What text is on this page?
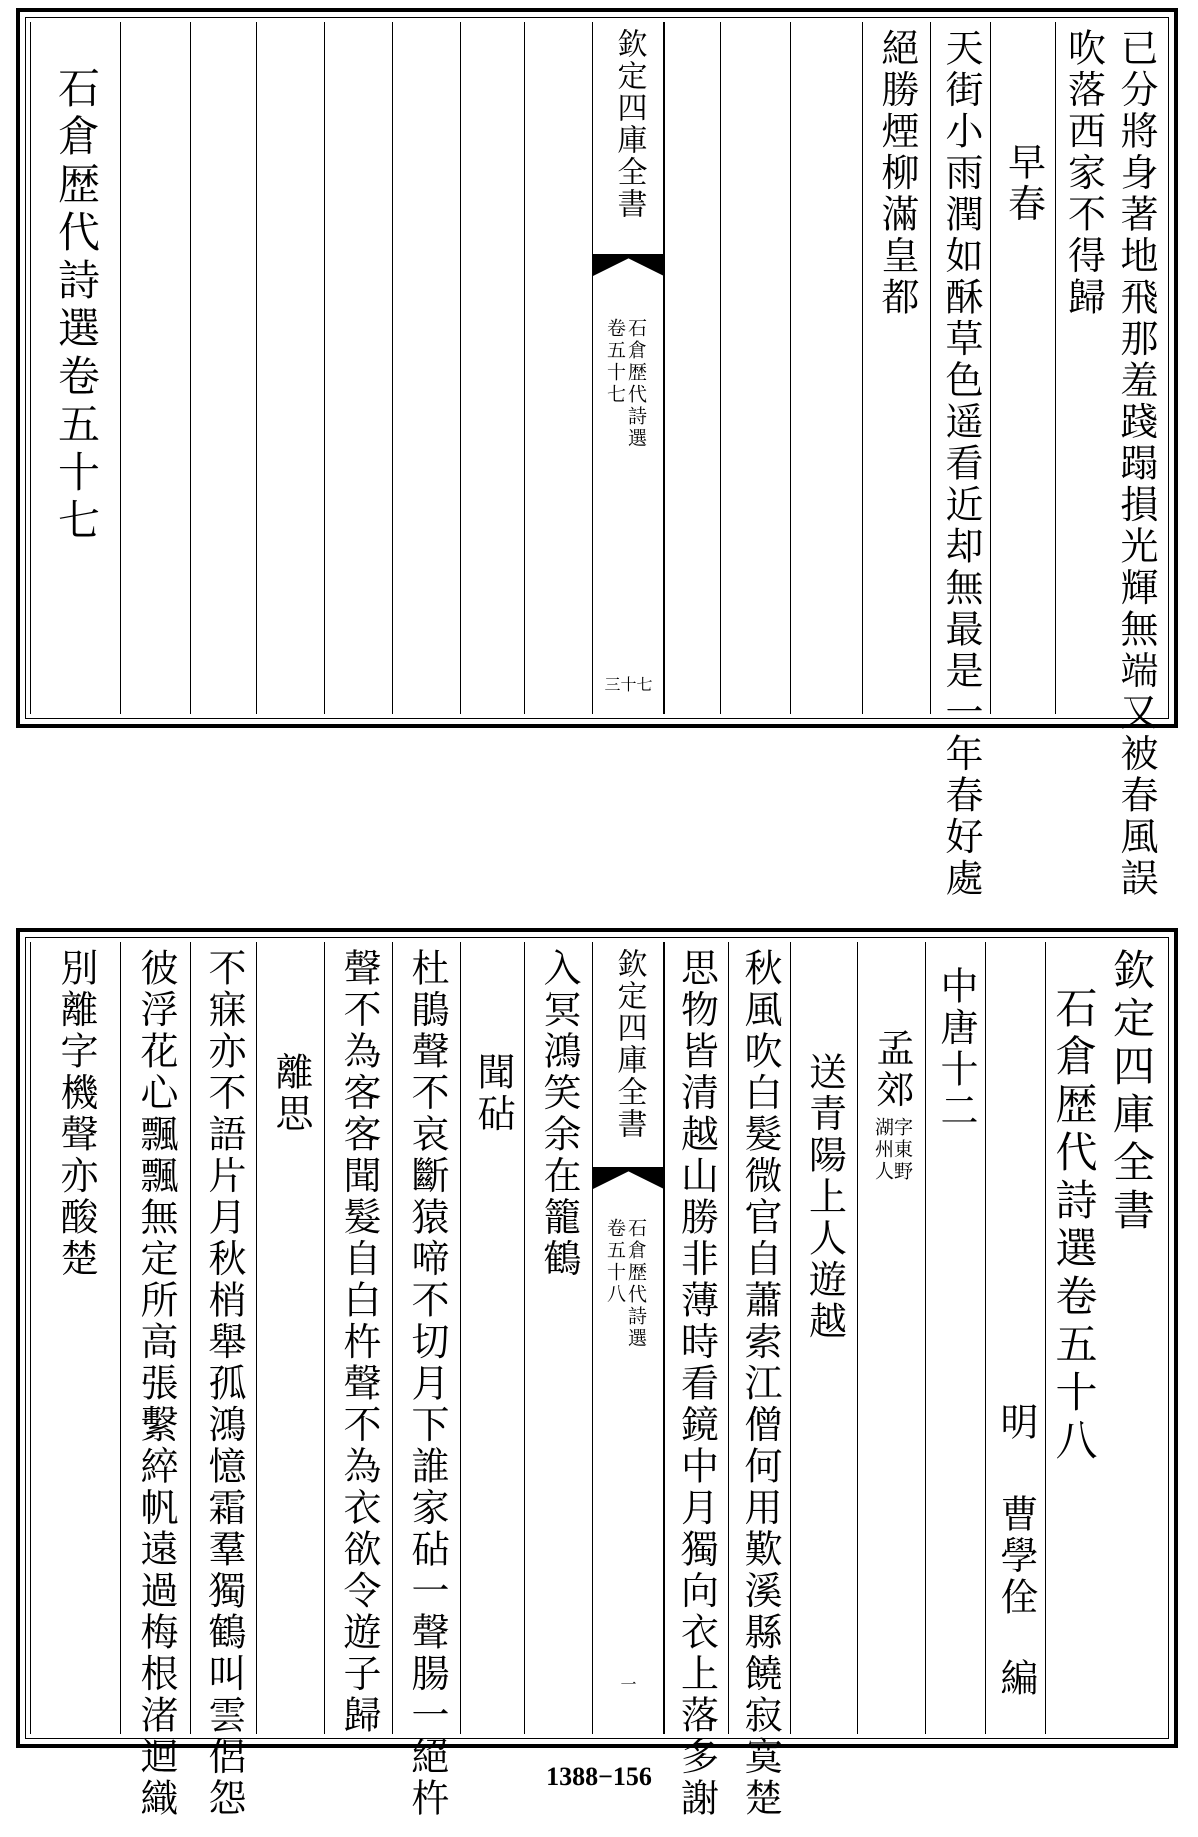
已分將身著地飛那羞踐蹋損光輝無端又被春風誤
吹落西家不得歸
早春
天街小雨潤如酥草色遥看近却無最是一年春好處
絕勝煙柳滿皇都
欽定四庫全書
石倉歴代詩選
卷五十七
三十七
石倉歴代詩選卷五十七
欽定四庫全書
石倉歴代詩選卷五十八
明
曹學佺
編
中唐十二
孟郊
字東野
湖州人
送青陽上人遊越
秋風吹白髮微官自蕭索江僧何用歎溪縣饒寂寞楚
思物皆清越山勝非薄時看鏡中月獨向衣上落多謝
欽定四庫全書
石倉歴代詩選
卷五十八
一
入冥鴻笑余在籠鶴
聞砧
杜鵑聲不哀斷猿啼不切月下誰家砧一聲腸一絕杵
聲不為客客聞髮自白杵聲不為衣欲令遊子歸
離思
不寐亦不語片月秋梢舉孤鴻憶霜羣獨鶴叫雲侶怨
彼浮花心飄飄無定所高張繫綷帆遠過梅根渚迴織
別離字機聲亦酸楚
1388−156
